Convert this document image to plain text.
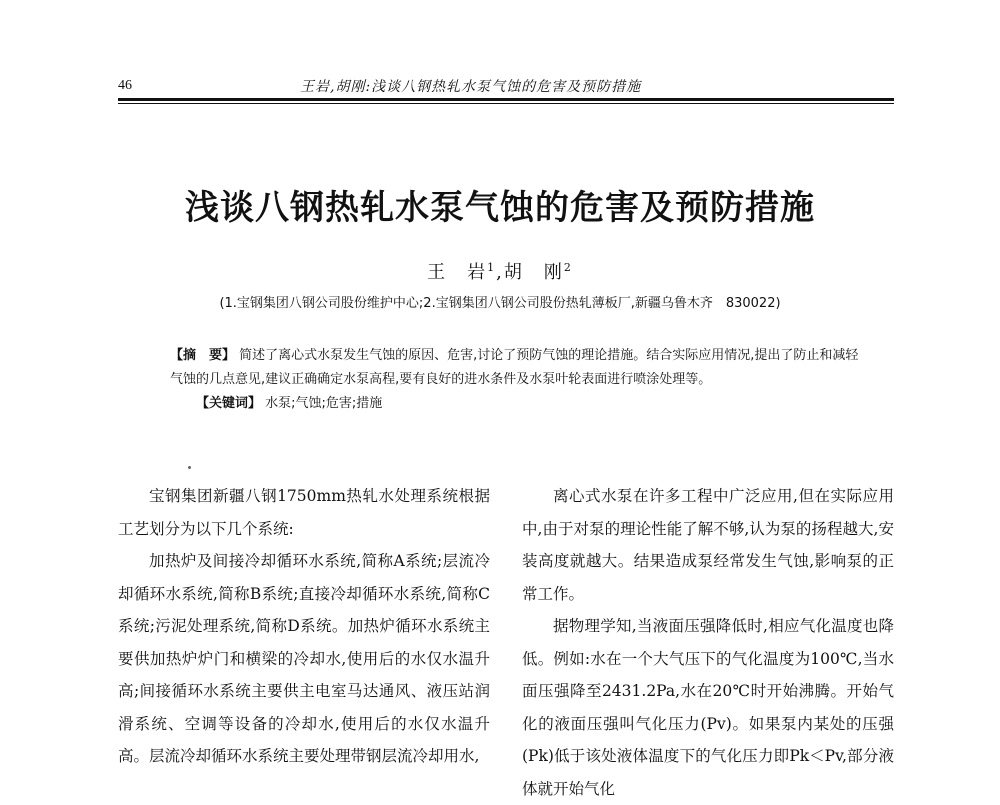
46	王岩,胡刚:浅谈八钢热轧水泵气蚀的危害及预防措施
浅谈八钢热轧水泵气蚀的危害及预防措施
王　岩$^1$,胡　刚$^2$
(1.宝钢集团八钢公司股份维护中心;2.宝钢集团八钢公司股份热轧薄板厂,新疆乌鲁木齐　830022)

【摘　要】 简述了离心式水泵发生气蚀的原因、危害,讨论了预防气蚀的理论措施。结合实际应用情况,提出了防止和减轻气蚀的几点意见,建议正确确定水泵高程,要有良好的进水条件及水泵叶轮表面进行喷涂处理等。

【关键词】 水泵;气蚀;危害;措施

宝钢集团新疆八钢1750mm热轧水处理系统根据工艺划分为以下几个系统:

加热炉及间接冷却循环水系统,简称A系统;层流冷却循环水系统,简称B系统;直接冷却循环水系统,简称C系统;污泥处理系统,简称D系统。加热炉循环水系统主要供加热炉炉门和横梁的冷却水,使用后的水仅水温升高;间接循环水系统主要供主电室马达通风、液压站润滑系统、空调等设备的冷却水,使用后的水仅水温升高。层流冷却循环水系统主要处理带钢层流冷却用水,

离心式水泵在许多工程中广泛应用,但在实际应用中,由于对泵的理论性能了解不够,认为泵的扬程越大,安装高度就越大。结果造成泵经常发生气蚀,影响泵的正常工作。

据物理学知,当液面压强降低时,相应气化温度也降低。例如:水在一个大气压下的气化温度为100℃,当水面压强降至2431.2Pa,水在20℃时开始沸腾。开始气化的液面压强叫气化压力(Pv)。如果泵内某处的压强(Pk)低于该处液体温度下的气化压力即Pk＜Pv,部分液体就开始气化
